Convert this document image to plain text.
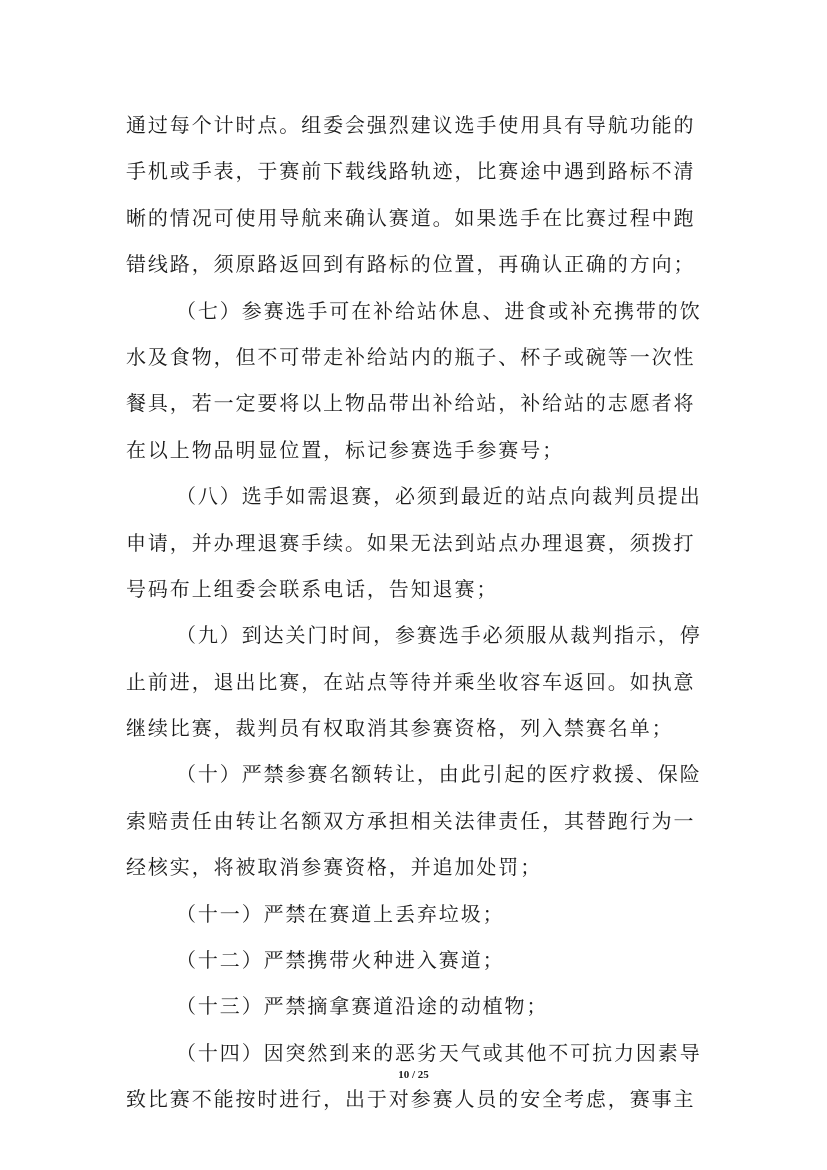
通过每个计时点。组委会强烈建议选手使用具有导航功能的
手机或手表，于赛前下载线路轨迹，比赛途中遇到路标不清
晰的情况可使用导航来确认赛道。如果选手在比赛过程中跑
错线路，须原路返回到有路标的位置，再确认正确的方向；
（七）参赛选手可在补给站休息、进食或补充携带的饮
水及食物，但不可带走补给站内的瓶子、杯子或碗等一次性
餐具，若一定要将以上物品带出补给站，补给站的志愿者将
在以上物品明显位置，标记参赛选手参赛号；
（八）选手如需退赛，必须到最近的站点向裁判员提出
申请，并办理退赛手续。如果无法到站点办理退赛，须拨打
号码布上组委会联系电话，告知退赛；
（九）到达关门时间，参赛选手必须服从裁判指示，停
止前进，退出比赛，在站点等待并乘坐收容车返回。如执意
继续比赛，裁判员有权取消其参赛资格，列入禁赛名单；
（十）严禁参赛名额转让，由此引起的医疗救援、保险
索赔责任由转让名额双方承担相关法律责任，其替跑行为一
经核实，将被取消参赛资格，并追加处罚；
（十一）严禁在赛道上丢弃垃圾；
（十二）严禁携带火种进入赛道；
（十三）严禁摘拿赛道沿途的动植物；
（十四）因突然到来的恶劣天气或其他不可抗力因素导
致比赛不能按时进行，出于对参赛人员的安全考虑，赛事主
10 / 25
